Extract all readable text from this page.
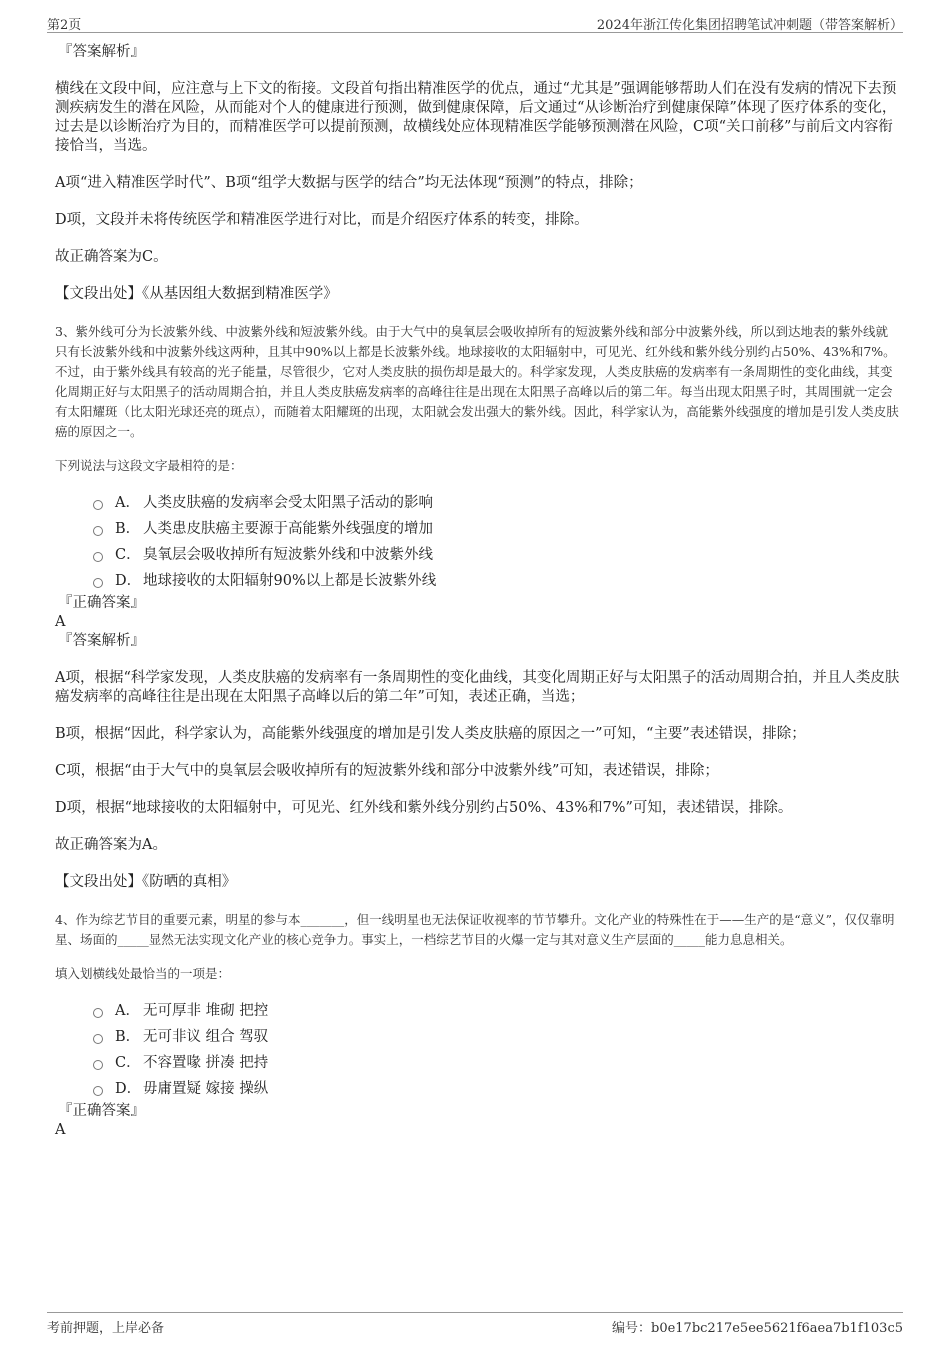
第2页	2024年浙江传化集团招聘笔试冲刺题（带答案解析）

『答案解析』

横线在文段中间，应注意与上下文的衔接。文段首句指出精准医学的优点，通过“尤其是”强调能够帮助人们在没有发病的情况下去预测疾病发生的潜在风险，从而能对个人的健康进行预测，做到健康保障，后文通过“从诊断治疗到健康保障”体现了医疗体系的变化，过去是以诊断治疗为目的，而精准医学可以提前预测，故横线处应体现精准医学能够预测潜在风险，C项“关口前移”与前后文内容衔接恰当，当选。

A项“进入精准医学时代”、B项“组学大数据与医学的结合”均无法体现“预测”的特点，排除；

D项，文段并未将传统医学和精准医学进行对比，而是介绍医疗体系的转变，排除。

故正确答案为C。

【文段出处】《从基因组大数据到精准医学》

3、紫外线可分为长波紫外线、中波紫外线和短波紫外线。由于大气中的臭氧层会吸收掉所有的短波紫外线和部分中波紫外线，所以到达地表的紫外线就只有长波紫外线和中波紫外线这两种，且其中90%以上都是长波紫外线。地球接收的太阳辐射中，可见光、红外线和紫外线分别约占50%、43%和7%。不过，由于紫外线具有较高的光子能量，尽管很少，它对人类皮肤的损伤却是最大的。科学家发现，人类皮肤癌的发病率有一条周期性的变化曲线，其变化周期正好与太阳黑子的活动周期合拍，并且人类皮肤癌发病率的高峰往往是出现在太阳黑子高峰以后的第二年。每当出现太阳黑子时，其周围就一定会有太阳耀斑（比太阳光球还亮的斑点），而随着太阳耀斑的出现，太阳就会发出强大的紫外线。因此，科学家认为，高能紫外线强度的增加是引发人类皮肤癌的原因之一。

下列说法与这段文字最相符的是：

A． 人类皮肤癌的发病率会受太阳黑子活动的影响
B． 人类患皮肤癌主要源于高能紫外线强度的增加
C． 臭氧层会吸收掉所有短波紫外线和中波紫外线
D． 地球接收的太阳辐射90%以上都是长波紫外线

『正确答案』

A

『答案解析』

A项，根据“科学家发现，人类皮肤癌的发病率有一条周期性的变化曲线，其变化周期正好与太阳黑子的活动周期合拍，并且人类皮肤癌发病率的高峰往往是出现在太阳黑子高峰以后的第二年”可知，表述正确，当选；

B项，根据“因此，科学家认为，高能紫外线强度的增加是引发人类皮肤癌的原因之一”可知，“主要”表述错误，排除；

C项，根据“由于大气中的臭氧层会吸收掉所有的短波紫外线和部分中波紫外线”可知，表述错误，排除；

D项，根据“地球接收的太阳辐射中，可见光、红外线和紫外线分别约占50%、43%和7%”可知，表述错误，排除。

故正确答案为A。

【文段出处】《防晒的真相》

4、作为综艺节目的重要元素，明星的参与本_______，但一线明星也无法保证收视率的节节攀升。文化产业的特殊性在于——生产的是“意义”，仅仅靠明星、场面的_____显然无法实现文化产业的核心竞争力。事实上，一档综艺节目的火爆一定与其对意义生产层面的_____能力息息相关。

填入划横线处最恰当的一项是：

A． 无可厚非 堆砌 把控
B． 无可非议 组合 驾驭
C． 不容置喙 拼凑 把持
D． 毋庸置疑 嫁接 操纵

『正确答案』

A

考前押题，上岸必备	编号：b0e17bc217e5ee5621f6aea7b1f103c5
